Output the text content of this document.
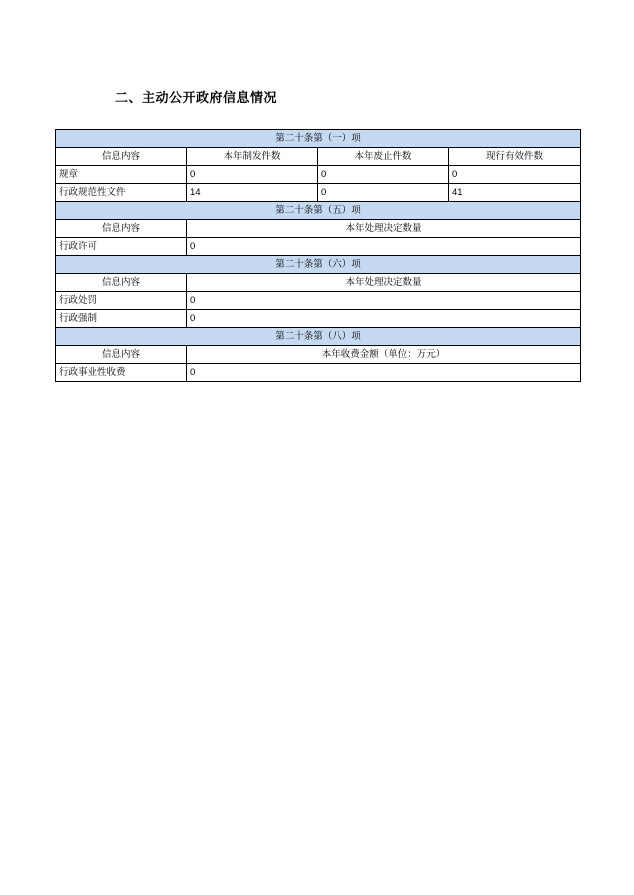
二、主动公开政府信息情况
第二十条第（一）项			
信息内容	本年制发件数	本年废止件数	现行有效件数
规章	0	0	0
行政规范性文件	14	0	41
第二十条第（五）项			
信息内容	本年处理决定数量		
行政许可	0		
第二十条第（六）项			
信息内容	本年处理决定数量		
行政处罚	0		
行政强制	0		
第二十条第（八）项			
信息内容	本年收费金额（单位：万元）		
行政事业性收费	0		
